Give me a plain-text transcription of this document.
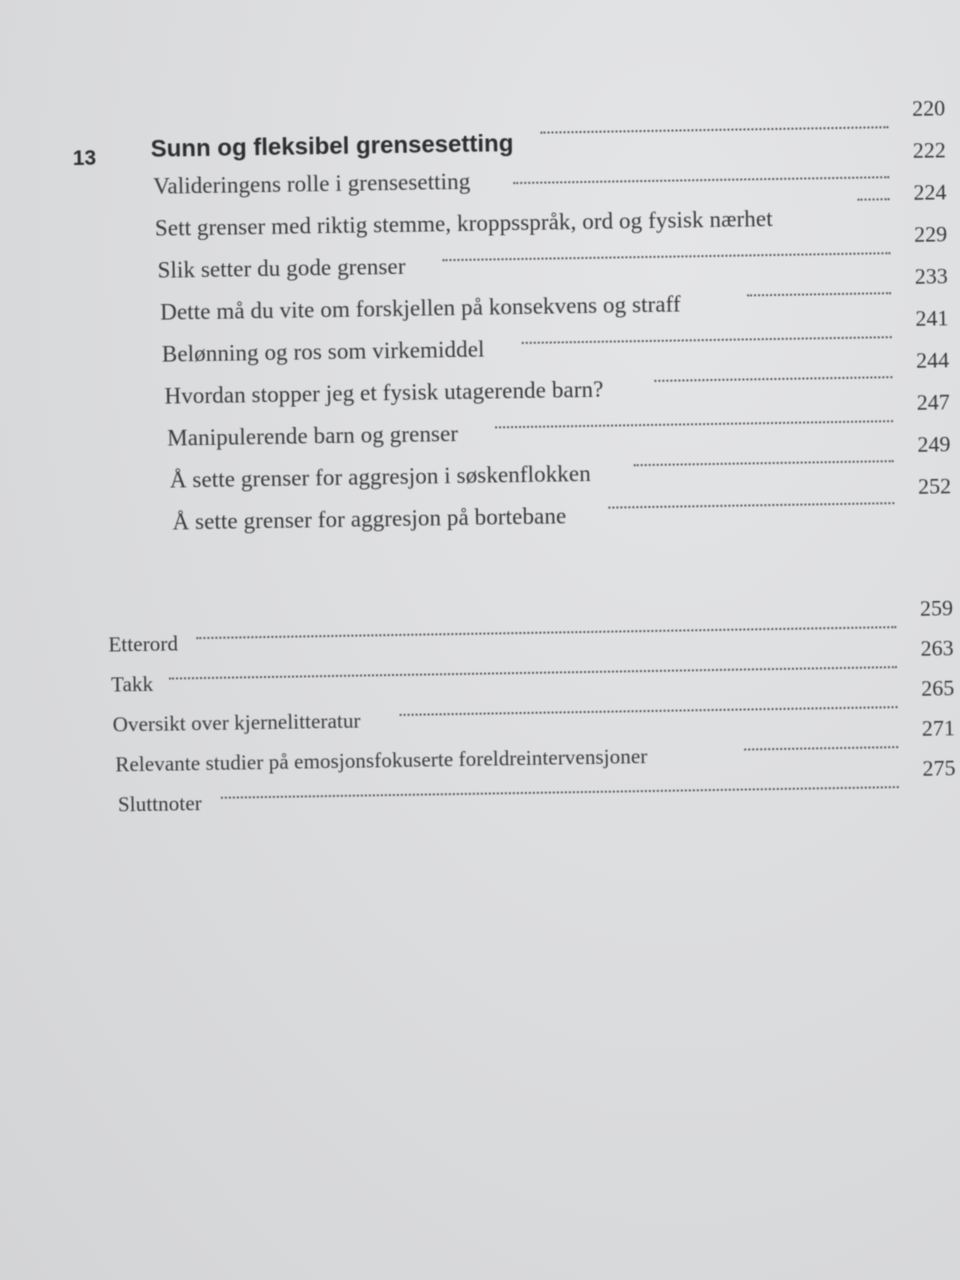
13 Sunn og fleksibel grensesetting
220
Valideringens rolle i grensesetting
222
Sett grenser med riktig stemme, kroppsspråk, ord og fysisk nærhet
224
Slik setter du gode grenser
229
Dette må du vite om forskjellen på konsekvens og straff
233
Belønning og ros som virkemiddel
241
Hvordan stopper jeg et fysisk utagerende barn?
244
Manipulerende barn og grenser
247
Å sette grenser for aggresjon i søskenflokken
249
Å sette grenser for aggresjon på bortebane
252
Etterord
259
Takk
263
Oversikt over kjernelitteratur
265
Relevante studier på emosjonsfokuserte foreldreintervensjoner
271
Sluttnoter
275
